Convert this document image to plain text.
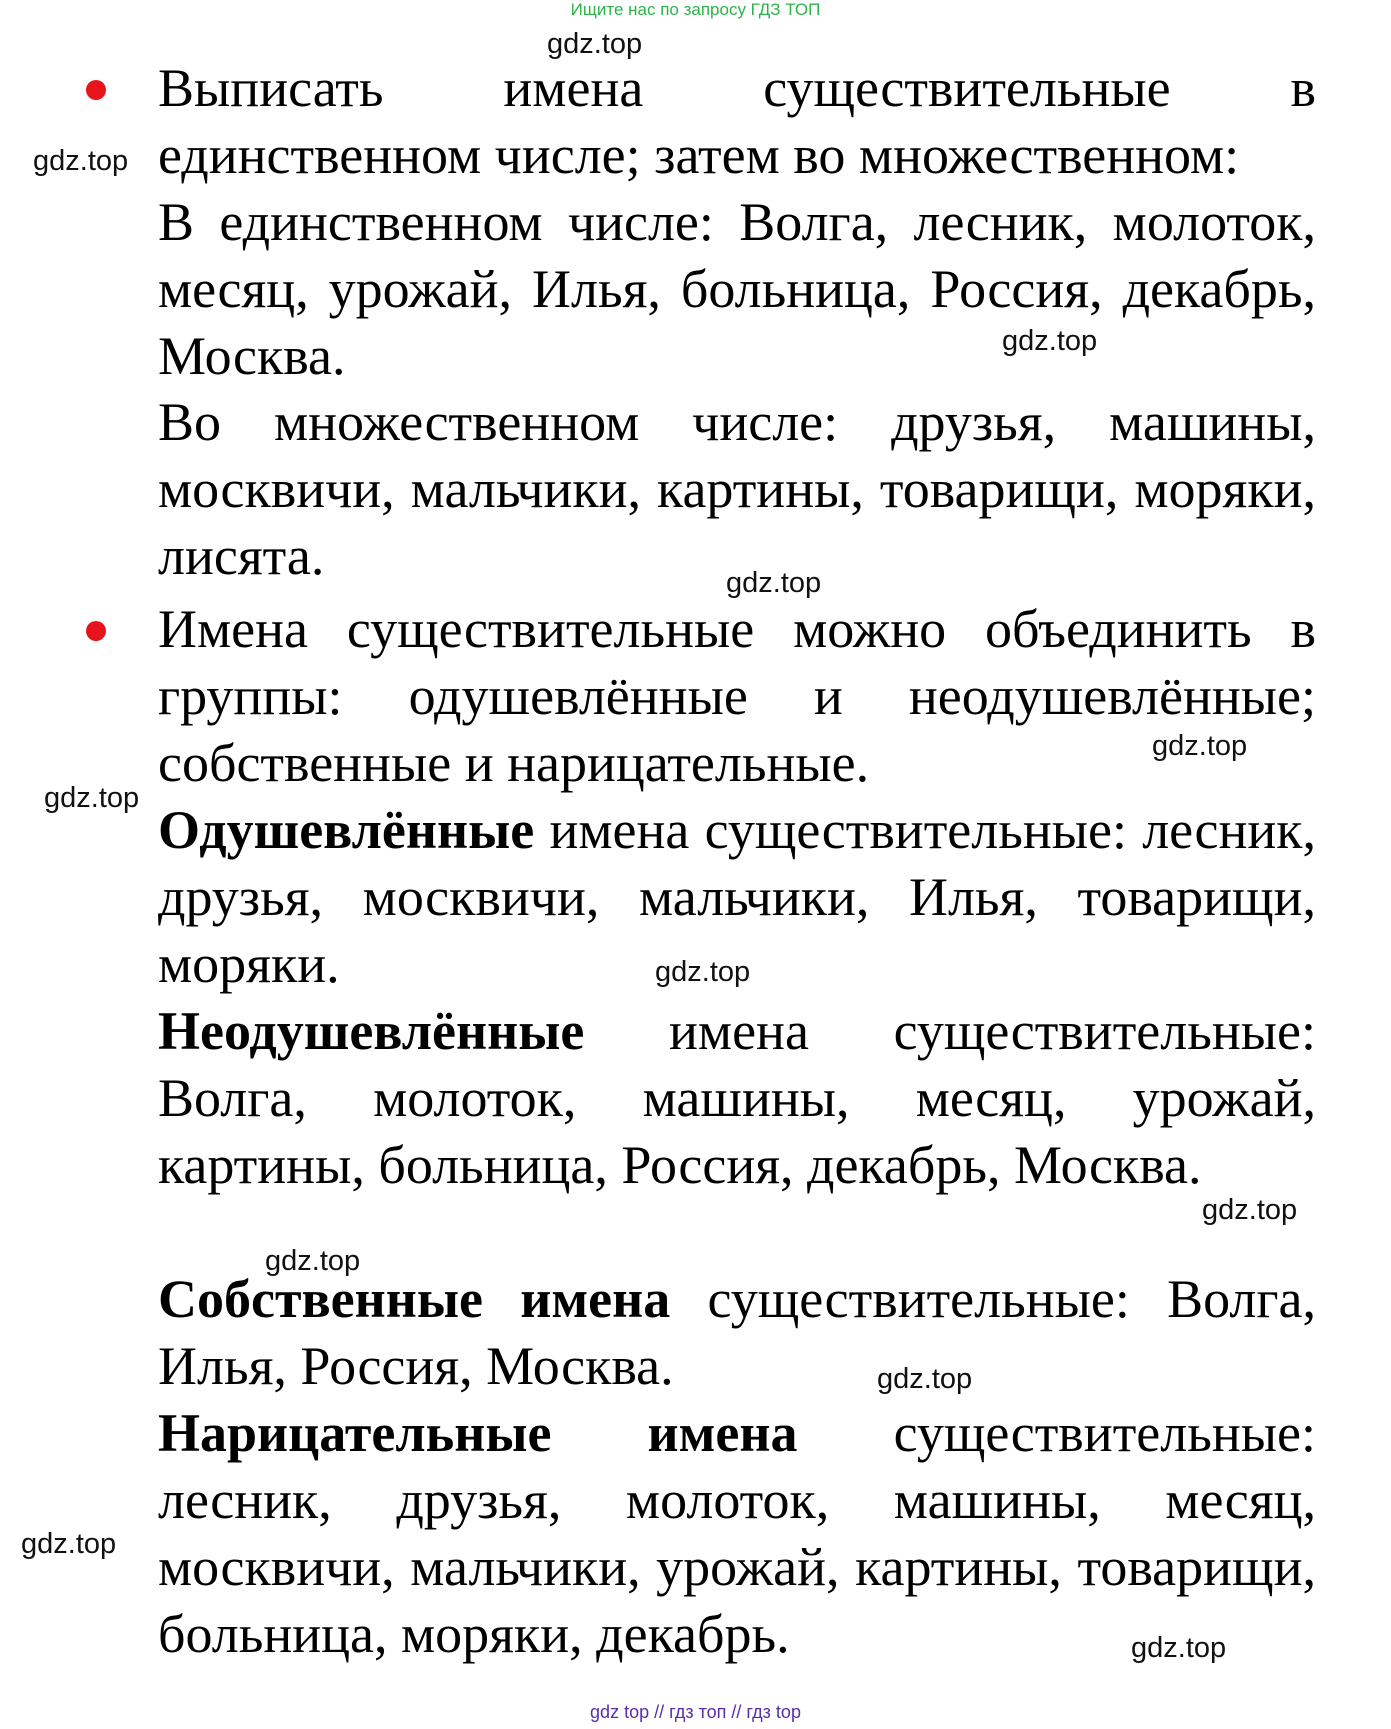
Ищите нас по запросу ГДЗ ТОП
gdz.top
gdz.top
gdz.top
gdz.top
gdz.top
gdz.top
gdz.top
gdz.top
gdz.top
gdz.top
gdz.top
gdz.top
Выписать имена существительные в единственном числе; затем во множественном:
В единственном числе: Волга, лесник, молоток, месяц, урожай, Илья, больница, Россия, декабрь, Москва.
Во множественном числе: друзья, машины, москвичи, мальчики, картины, товарищи, моряки, лисята.
Имена существительные можно объединить в группы: одушевлённые и неодушевлённые; собственные и нарицательные.
Одушевлённые имена существительные: лесник, друзья, москвичи, мальчики, Илья, товарищи, моряки.
Неодушевлённые имена существительные: Волга, молоток, машины, месяц, урожай, картины, больница, Россия, декабрь, Москва.
Собственные имена существительные: Волга, Илья, Россия, Москва.
Нарицательные имена существительные: лесник, друзья, молоток, машины, месяц, москвичи, мальчики, урожай, картины, товарищи, больница, моряки, декабрь.
gdz top // гдз топ // гдз top
